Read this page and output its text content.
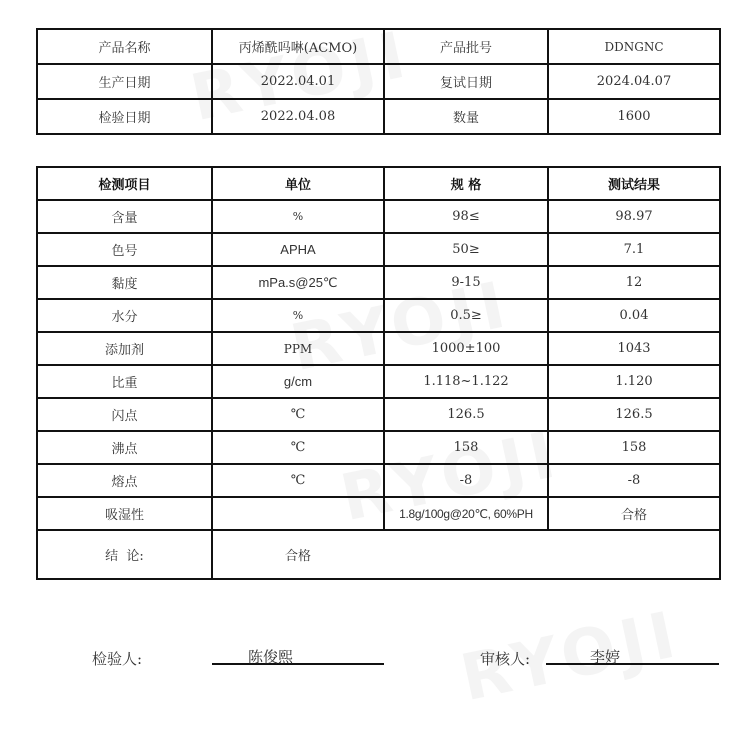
产品名称	丙烯酰吗啉(ACMO)	产品批号	DDNGNC
生产日期	2022.04.01	复试日期	2024.04.07
检验日期	2022.04.08	数量	1600
检测项目	单位	规 格	测试结果
含量	%	98≤	98.97
色号	APHA	50≥	7.1
黏度	mPa.s@25℃	9-15	12
水分	%	0.5≥	0.04
添加剂	PPM	1000±100	1043
比重	g/cm	1.118~1.122	1.120
闪点	℃	126.5	126.5
沸点	℃	158	158
熔点	℃	-8	-8
吸湿性		1.8g/100g@20℃, 60%PH	合格
结  论:	合格		
检验人:	陈俊熙	审核人:	李婷
